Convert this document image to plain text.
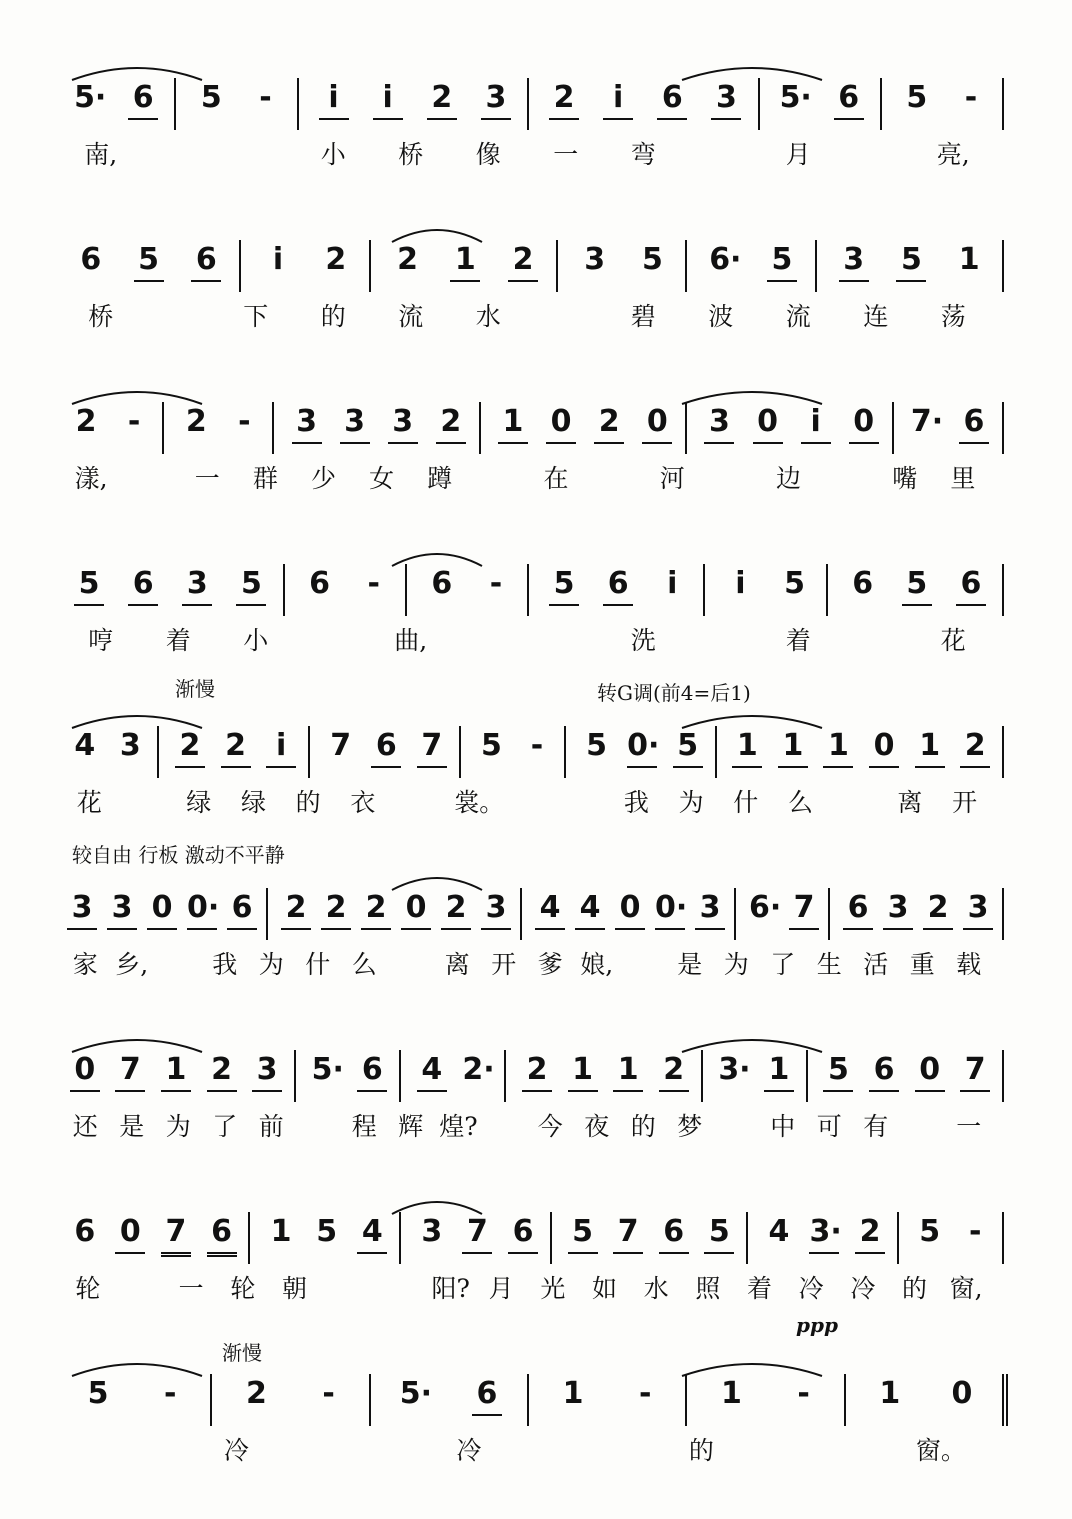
5· 6 5 -	i	i	2 3 2	i	6 3 5· 6 5 -
南,	小 桥 像 一 弯	月	亮,
6 5 6	i	2 2 1 2 3 5 6· 5 3 5 1
桥	下 的 流 水	碧 波 流 连 荡
2 - 2 - 3 3 3 2 1 0 2 0 3 0	i	0 7· 6
漾,	一 群 少 女 蹲	在	河	边	嘴 里
5 6 3 5 6 - 6 - 5 6	i	i	5 6 5 6
哼 着 小	曲,	洗	着	花
4 3 2 2 i	7 6 7 5 - 5 0· 5 1 1 1 0 1 2
花	绿 绿 的 衣	裳。	我 为 什 么	离 开
渐慢	转G调(前4=后1)
3 3 0 0· 6 2 2 2 0 2 3 4 4 0 0· 3 6· 7 6 3 2 3
家 乡,	我 为 什 么	离 开 爹 娘,	是 为 了 生 活 重 载
较自由 行板 激动不平静
0 7 1 2 3 5· 6 4 2· 2 1 1 2 3· 1 5 6 0 7
还 是 为 了 前	程 辉 煌? 今 夜 的 梦	中 可 有	一
6 0 7 6 1 5 4 3 7 6 5 7 6 5 4 3· 2 5 -
轮	一 轮 朝	阳? 月 光 如 水 照 着 冷 冷 的 窗,
5 - 2 - 5· 6 1 - 1 - 1 0
冷	冷	的	窗。
渐慢
ppp
